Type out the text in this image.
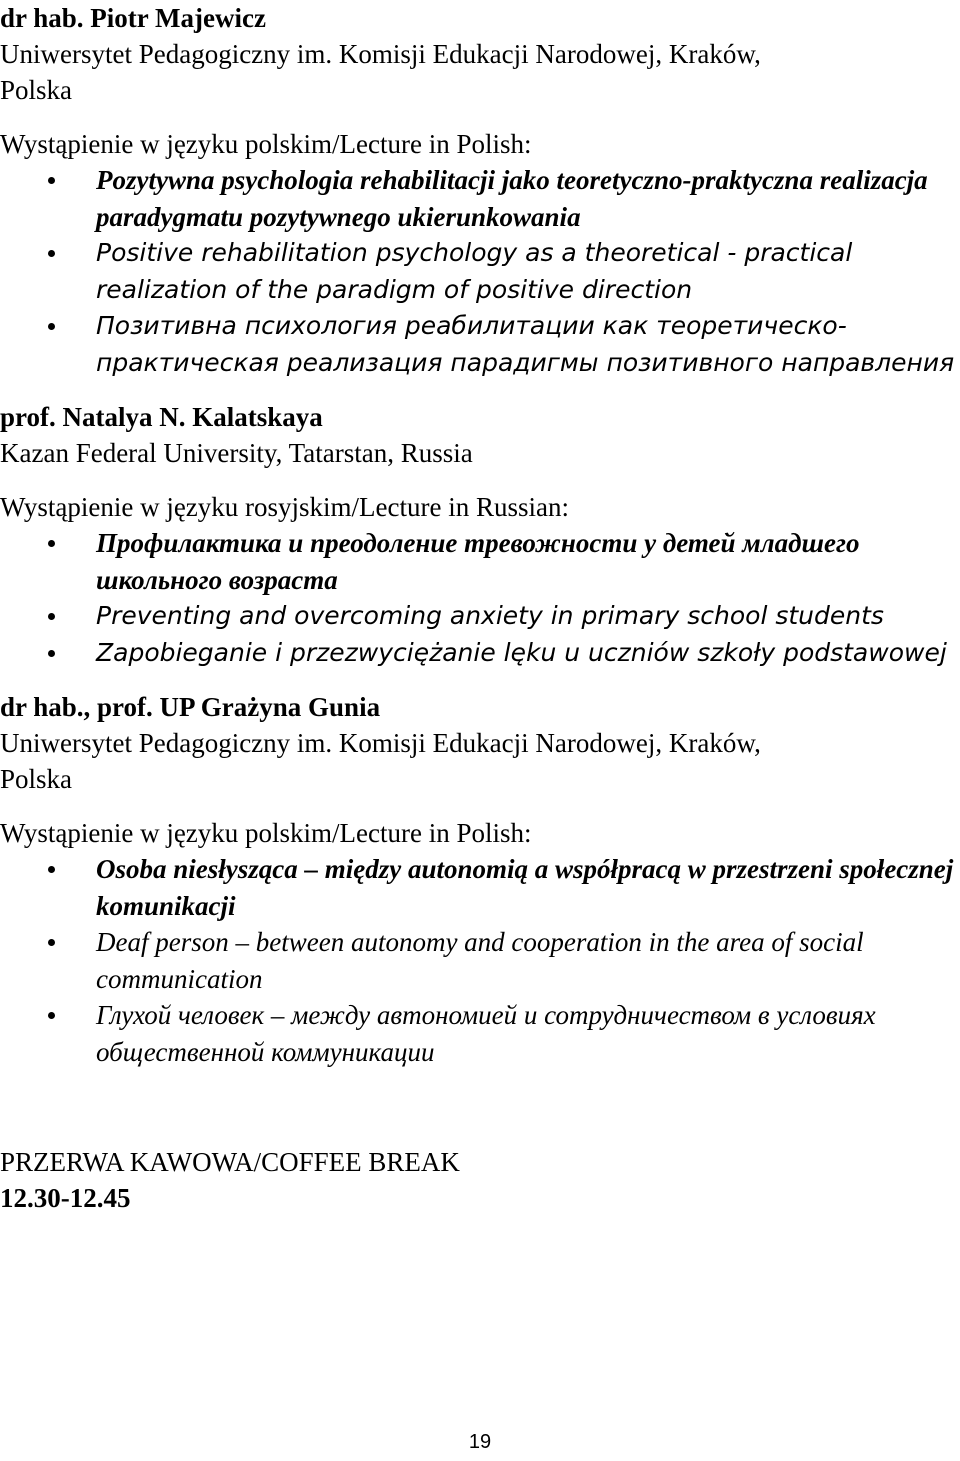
dr hab. Piotr Majewicz
Uniwersytet Pedagogiczny im. Komisji Edukacji Narodowej, Kraków,
Polska
Wystąpienie w języku polskim/Lecture in Polish:
Pozytywna psychologia rehabilitacji jako teoretyczno-praktyczna realizacja paradygmatu pozytywnego ukierunkowania
Positive rehabilitation psychology as a theoretical - practical realization of the paradigm of positive direction
Позитивна психология реабилитации как теоретическо-практическая реализация парадигмы позитивного направления
prof. Natalya N. Kalatskaya
Kazan Federal University, Tatarstan, Russia
Wystąpienie w języku rosyjskim/Lecture in Russian:
Профилактика и преодоление тревожности у детей младшего школьного возраста
Preventing and overcoming anxiety in primary school students
Zapobieganie i przezwyciężanie lęku u uczniów szkoły podstawowej
dr hab., prof. UP Grażyna Gunia
Uniwersytet Pedagogiczny im. Komisji Edukacji Narodowej, Kraków,
Polska
Wystąpienie w języku polskim/Lecture in Polish:
Osoba niesłysząca – między autonomią a współpracą w przestrzeni społecznej komunikacji
Deaf person – between autonomy and cooperation in the area of social communication
Глухой человек – между автономией и сотрудничеством в условиях общественной коммуникации
PRZERWA KAWOWA/COFFEE BREAK
12.30-12.45
19
